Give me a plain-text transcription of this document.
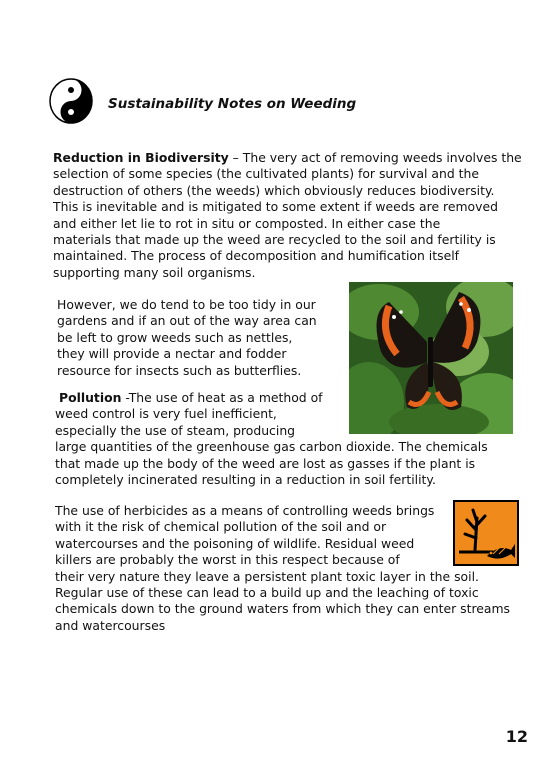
Sustainability Notes on Weeding
Reduction in Biodiversity – The very act of removing weeds involves the
selection of some species (the cultivated plants) for survival and the
destruction of others (the weeds) which obviously reduces biodiversity.
This is inevitable and is mitigated to some extent if weeds are removed
and either let lie to rot in situ or composted. In either case the
materials that made up the weed are recycled to the soil and fertility is
maintained. The process of decomposition and humification itself
supporting many soil organisms.
However, we do tend to be too tidy in our
gardens and if an out of the way area can
be left to grow weeds such as nettles,
they will provide a nectar and fodder
resource for insects such as butterflies.
Pollution -The use of heat as a method of
weed control is very fuel inefficient,
especially the use of steam, producing
large quantities of the greenhouse gas carbon dioxide. The chemicals
that made up the body of the weed are lost as gasses if the plant is
completely incinerated resulting in a reduction in soil fertility.
The use of herbicides as a means of controlling weeds brings
with it the risk of chemical pollution of the soil and or
watercourses and the poisoning of wildlife. Residual weed
killers are probably the worst in this respect because of
their very nature they leave a persistent plant toxic layer in the soil.
Regular use of these can lead to a build up and the leaching of toxic
chemicals down to the ground waters from which they can enter streams
and watercourses
12
